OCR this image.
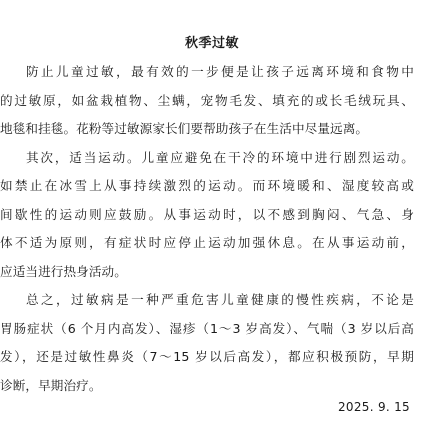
秋季过敏
防止儿童过敏，最有效的一步便是让孩子远离环境和食物中
的过敏原，如盆栽植物、尘螨，宠物毛发、填充的或长毛绒玩具、
地毯和挂毯。花粉等过敏源家长们要帮助孩子在生活中尽量远离。
其次，适当运动。儿童应避免在干冷的环境中进行剧烈运动。
如禁止在冰雪上从事持续激烈的运动。而环境暖和、湿度较高或
间歇性的运动则应鼓励。从事运动时，以不感到胸闷、气急、身
体不适为原则，有症状时应停止运动加强休息。在从事运动前，
应适当进行热身活动。
总之，过敏病是一种严重危害儿童健康的慢性疾病，不论是
胃肠症状（6 个月内高发）、湿疹（1～3 岁高发）、气喘（3 岁以后高
发），还是过敏性鼻炎（7～15 岁以后高发），都应积极预防，早期
诊断，早期治疗。
2025. 9. 15
